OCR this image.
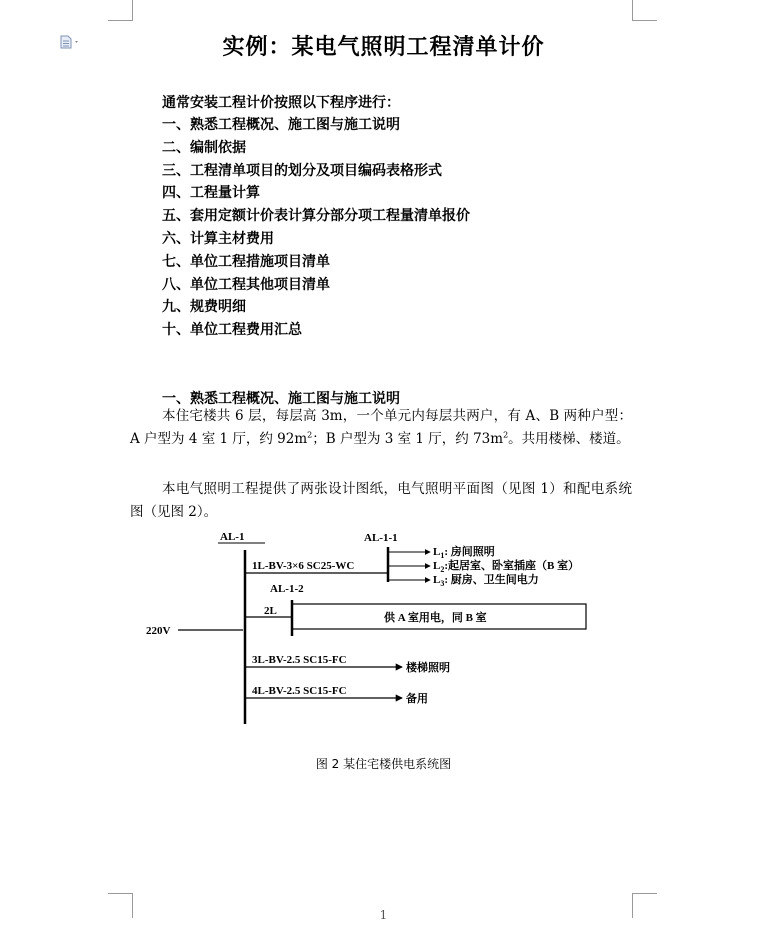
实例：某电气照明工程清单计价
通常安装工程计价按照以下程序进行：
一、熟悉工程概况、施工图与施工说明
二、编制依据
三、工程清单项目的划分及项目编码表格形式
四、工程量计算
五、套用定额计价表计算分部分项工程量清单报价
六、计算主材费用
七、单位工程措施项目清单
八、单位工程其他项目清单
九、规费明细
十、单位工程费用汇总
一、熟悉工程概况、施工图与施工说明

本住宅楼共 6 层，每层高 3m，一个单元内每层共两户，有 A、B 两种户型：A 户型为 4 室 1 厅，约 $92m^2$；B 户型为 3 室 1 厅，约 $73m^2$。共用楼梯、楼道。

本电气照明工程提供了两张设计图纸，电气照明平面图（见图 1）和配电系统图（见图 2）。

220V
AL-1
1L-BV-3×6 SC25-WC
AL-1-1
$L_1$: 房间照明
$L_2$:起居室、卧室插座（B 室）
$L_3$: 厨房、卫生间电力
AL-1-2
2L
供 A 室用电，同 B 室
3L-BV-2.5 SC15-FC
楼梯照明
4L-BV-2.5 SC15-FC
备用
图 2 某住宅楼供电系统图
1
